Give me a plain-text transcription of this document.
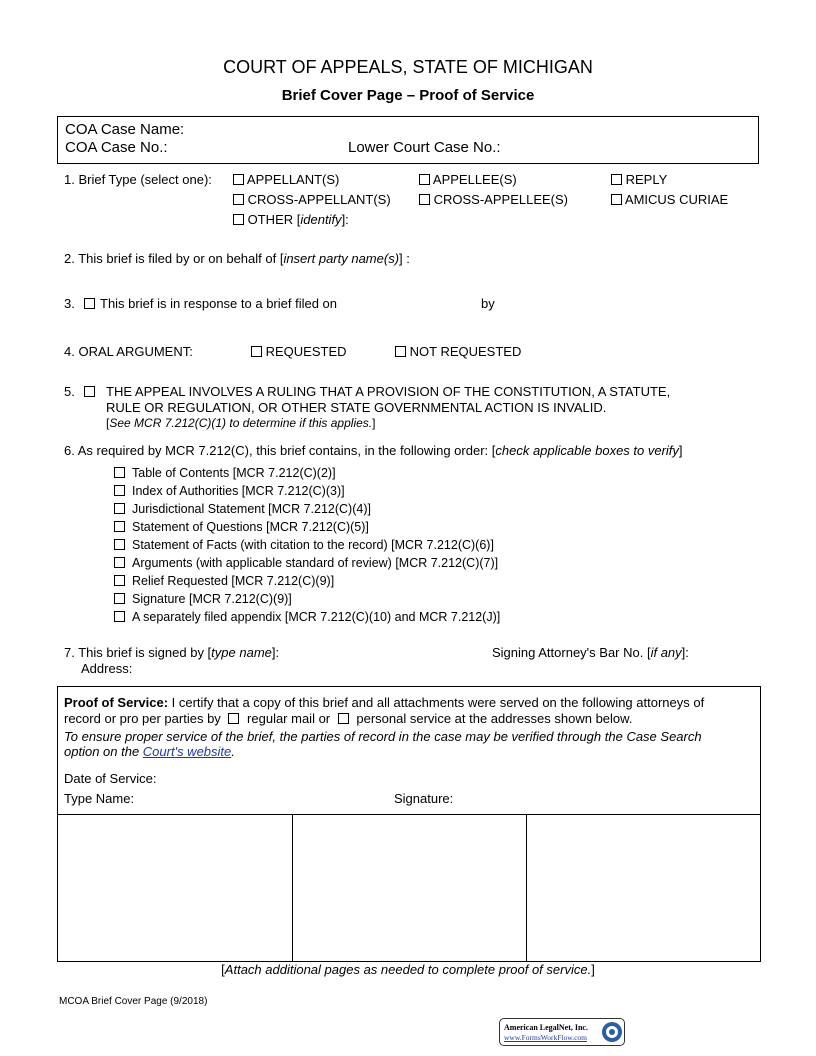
COURT OF APPEALS, STATE OF MICHIGAN
Brief Cover Page – Proof of Service
COA Case Name:
COA Case No.:	Lower Court Case No.:
1. Brief Type (select one):	APPELLANT(S)	APPELLEE(S)	REPLY
CROSS-APPELLANT(S)	CROSS-APPELLEE(S)	AMICUS CURIAE
OTHER [identify]:
2. This brief is filed by or on behalf of [insert party name(s)] :
3. This brief is in response to a brief filed on	by
4. ORAL ARGUMENT:	REQUESTED	NOT REQUESTED
5. THE APPEAL INVOLVES A RULING THAT A PROVISION OF THE CONSTITUTION, A STATUTE,
RULE OR REGULATION, OR OTHER STATE GOVERNMENTAL ACTION IS INVALID.
[See MCR 7.212(C)(1) to determine if this applies.]
6. As required by MCR 7.212(C), this brief contains, in the following order: [check applicable boxes to verify]
Table of Contents [MCR 7.212(C)(2)]
Index of Authorities [MCR 7.212(C)(3)]
Jurisdictional Statement [MCR 7.212(C)(4)]
Statement of Questions [MCR 7.212(C)(5)]
Statement of Facts (with citation to the record) [MCR 7.212(C)(6)]
Arguments (with applicable standard of review) [MCR 7.212(C)(7)]
Relief Requested [MCR 7.212(C)(9)]
Signature [MCR 7.212(C)(9)]
A separately filed appendix [MCR 7.212(C)(10) and MCR 7.212(J)]
7. This brief is signed by [type name]:
Address:
Signing Attorney's Bar No. [if any]:
Proof of Service: I certify that a copy of this brief and all attachments were served on the following attorneys of
record or pro per parties by regular mail or personal service at the addresses shown below.
To ensure proper service of the brief, the parties of record in the case may be verified through the Case Search
option on the Court's website.
Date of Service:
Type Name:	Signature:
[Attach additional pages as needed to complete proof of service.]
MCOA Brief Cover Page (9/2018)
American LegalNet, Inc.
www.FormsWorkFlow.com
